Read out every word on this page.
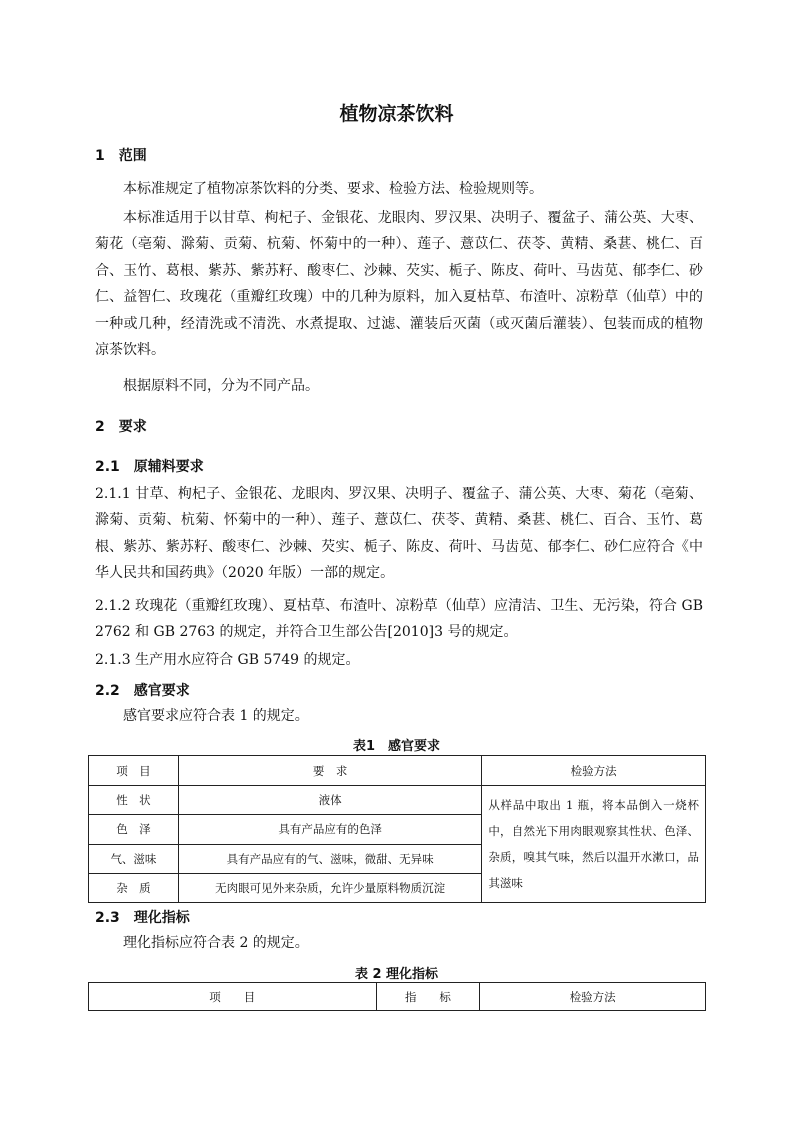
植物凉茶饮料
1　范围
本标准规定了植物凉茶饮料的分类、要求、检验方法、检验规则等。
本标准适用于以甘草、枸杞子、金银花、龙眼肉、罗汉果、决明子、覆盆子、蒲公英、大枣、菊花（亳菊、滁菊、贡菊、杭菊、怀菊中的一种）、莲子、薏苡仁、茯苓、黄精、桑葚、桃仁、百合、玉竹、葛根、紫苏、紫苏籽、酸枣仁、沙棘、芡实、栀子、陈皮、荷叶、马齿苋、郁李仁、砂仁、益智仁、玫瑰花（重瓣红玫瑰）中的几种为原料，加入夏枯草、布渣叶、凉粉草（仙草）中的一种或几种，经清洗或不清洗、水煮提取、过滤、灌装后灭菌（或灭菌后灌装）、包装而成的植物凉茶饮料。
根据原料不同，分为不同产品。
2　要求
2.1　原辅料要求
2.1.1 甘草、枸杞子、金银花、龙眼肉、罗汉果、决明子、覆盆子、蒲公英、大枣、菊花（亳菊、滁菊、贡菊、杭菊、怀菊中的一种）、莲子、薏苡仁、茯苓、黄精、桑葚、桃仁、百合、玉竹、葛根、紫苏、紫苏籽、酸枣仁、沙棘、芡实、栀子、陈皮、荷叶、马齿苋、郁李仁、砂仁应符合《中华人民共和国药典》（2020 年版）一部的规定。
2.1.2 玫瑰花（重瓣红玫瑰）、夏枯草、布渣叶、凉粉草（仙草）应清洁、卫生、无污染，符合 GB 2762 和 GB 2763 的规定，并符合卫生部公告[2010]3 号的规定。
2.1.3 生产用水应符合 GB 5749 的规定。
2.2　感官要求
感官要求应符合表 1 的规定。
表1　感官要求
项　目	要　求	检验方法
性　状	液体	从样品中取出 1 瓶，将本品倒入一烧杯中，自然光下用肉眼观察其性状、色泽、杂质，嗅其气味，然后以温开水漱口，品其滋味
色　泽	具有产品应有的色泽	
气、滋味	具有产品应有的气、滋味，微甜、无异味	
杂　质	无肉眼可见外来杂质，允许少量原料物质沉淀	
2.3　理化指标
理化指标应符合表 2 的规定。
表 2 理化指标
项　　目	指　　标	检验方法
